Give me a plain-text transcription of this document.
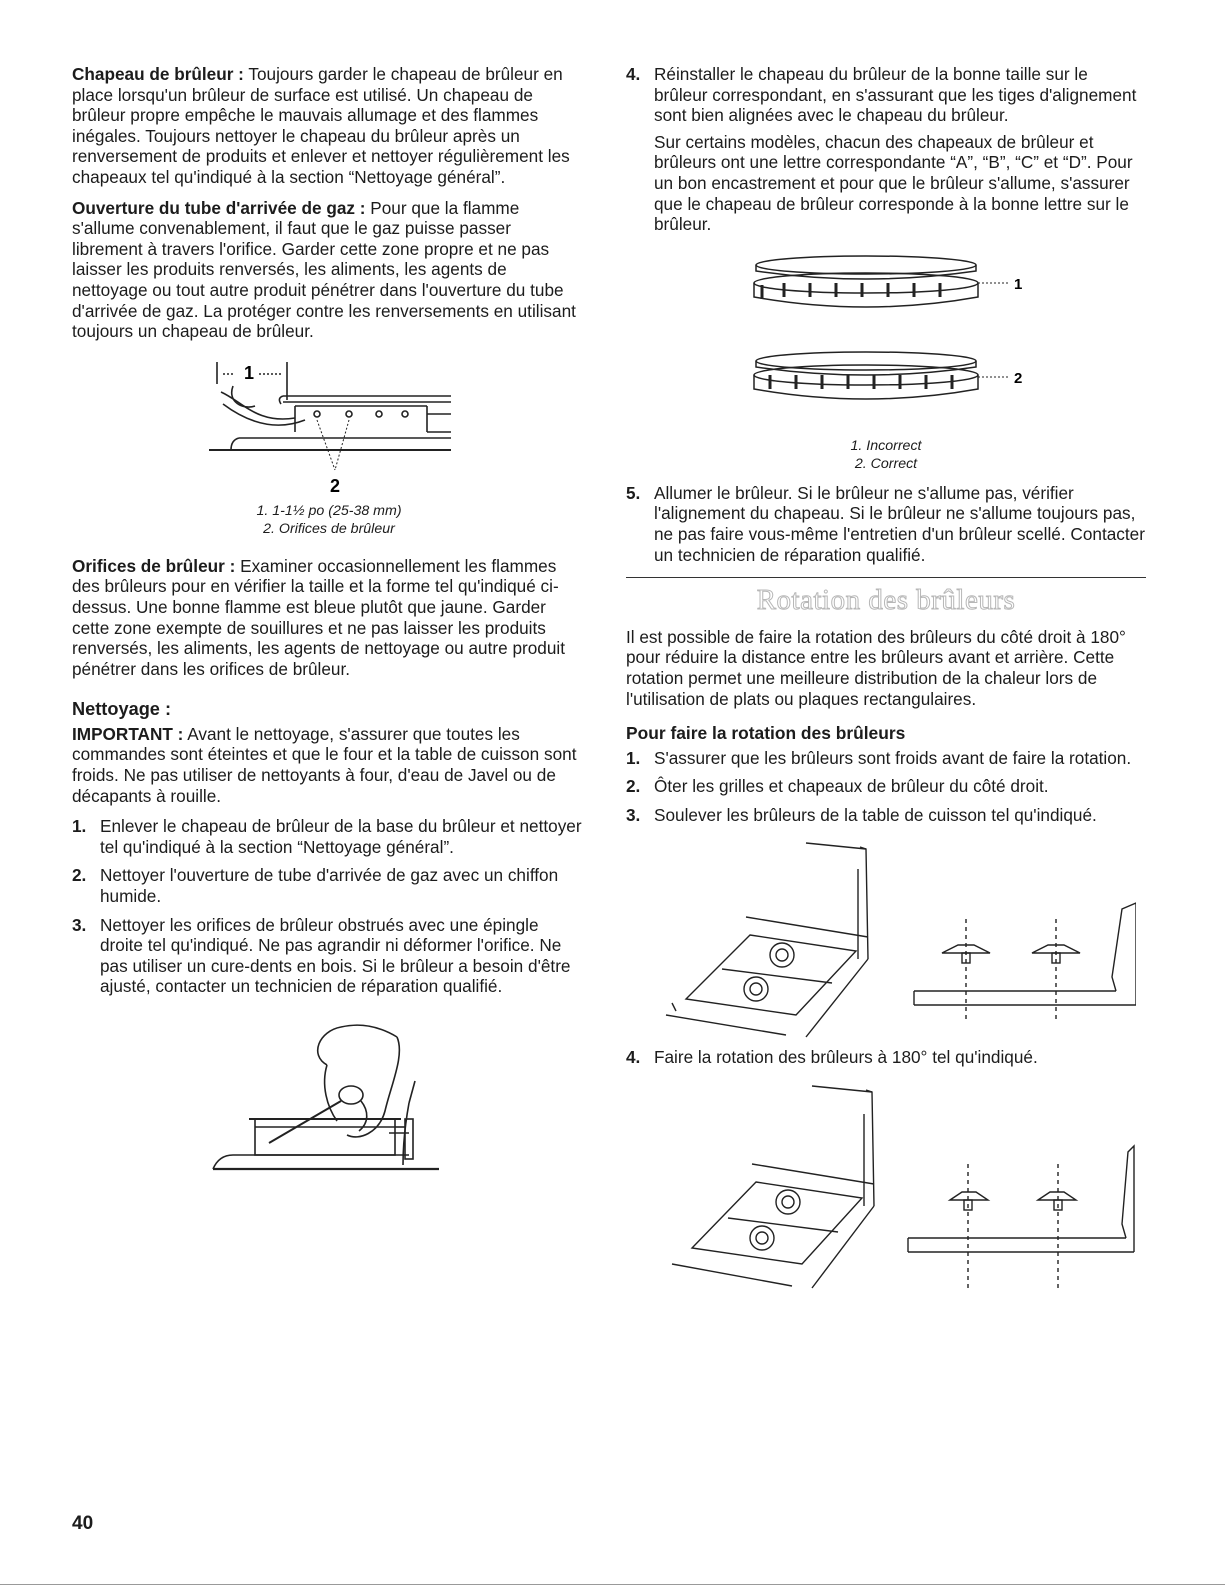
Chapeau de brûleur : Toujours garder le chapeau de brûleur en place lorsqu'un brûleur de surface est utilisé. Un chapeau de brûleur propre empêche le mauvais allumage et des flammes inégales. Toujours nettoyer le chapeau du brûleur après un renversement de produits et enlever et nettoyer régulièrement les chapeaux tel qu'indiqué à la section “Nettoyage général”.

Ouverture du tube d'arrivée de gaz : Pour que la flamme s'allume convenablement, il faut que le gaz puisse passer librement à travers l'orifice. Garder cette zone propre et ne pas laisser les produits renversés, les aliments, les agents de nettoyage ou tout autre produit pénétrer dans l'ouverture du tube d'arrivée de gaz. La protéger contre les renversements en utilisant toujours un chapeau de brûleur.

1
2
1. 1-1½ po (25-38 mm)
2. Orifices de brûleur

Orifices de brûleur : Examiner occasionnellement les flammes des brûleurs pour en vérifier la taille et la forme tel qu'indiqué ci-dessus. Une bonne flamme est bleue plutôt que jaune. Garder cette zone exempte de souillures et ne pas laisser les produits renversés, les aliments, les agents de nettoyage ou autre produit pénétrer dans les orifices de brûleur.

Nettoyage :

IMPORTANT : Avant le nettoyage, s'assurer que toutes les commandes sont éteintes et que le four et la table de cuisson sont froids. Ne pas utiliser de nettoyants à four, d'eau de Javel ou de décapants à rouille.

1. Enlever le chapeau de brûleur de la base du brûleur et nettoyer tel qu'indiqué à la section “Nettoyage général”.
2. Nettoyer l'ouverture de tube d'arrivée de gaz avec un chiffon humide.
3. Nettoyer les orifices de brûleur obstrués avec une épingle droite tel qu'indiqué. Ne pas agrandir ni déformer l'orifice. Ne pas utiliser un cure-dents en bois. Si le brûleur a besoin d'être ajusté, contacter un technicien de réparation qualifié.
4. Réinstaller le chapeau du brûleur de la bonne taille sur le brûleur correspondant, en s'assurant que les tiges d'alignement sont bien alignées avec le chapeau du brûleur.

Sur certains modèles, chacun des chapeaux de brûleur et brûleurs ont une lettre correspondante “A”, “B”, “C” et “D”. Pour un bon encastrement et pour que le brûleur s'allume, s'assurer que le chapeau de brûleur corresponde à la bonne lettre sur le brûleur.

1
2
1. Incorrect
2. Correct
5. Allumer le brûleur. Si le brûleur ne s'allume pas, vérifier l'alignement du chapeau. Si le brûleur ne s'allume toujours pas, ne pas faire vous-même l'entretien d'un brûleur scellé. Contacter un technicien de réparation qualifié.
Rotation des brûleurs

Il est possible de faire la rotation des brûleurs du côté droit à 180° pour réduire la distance entre les brûleurs avant et arrière. Cette rotation permet une meilleure distribution de la chaleur lors de l'utilisation de plats ou plaques rectangulaires.

Pour faire la rotation des brûleurs
1. S'assurer que les brûleurs sont froids avant de faire la rotation.
2. Ôter les grilles et chapeaux de brûleur du côté droit.
3. Soulever les brûleurs de la table de cuisson tel qu'indiqué.
4. Faire la rotation des brûleurs à 180° tel qu'indiqué.
40
